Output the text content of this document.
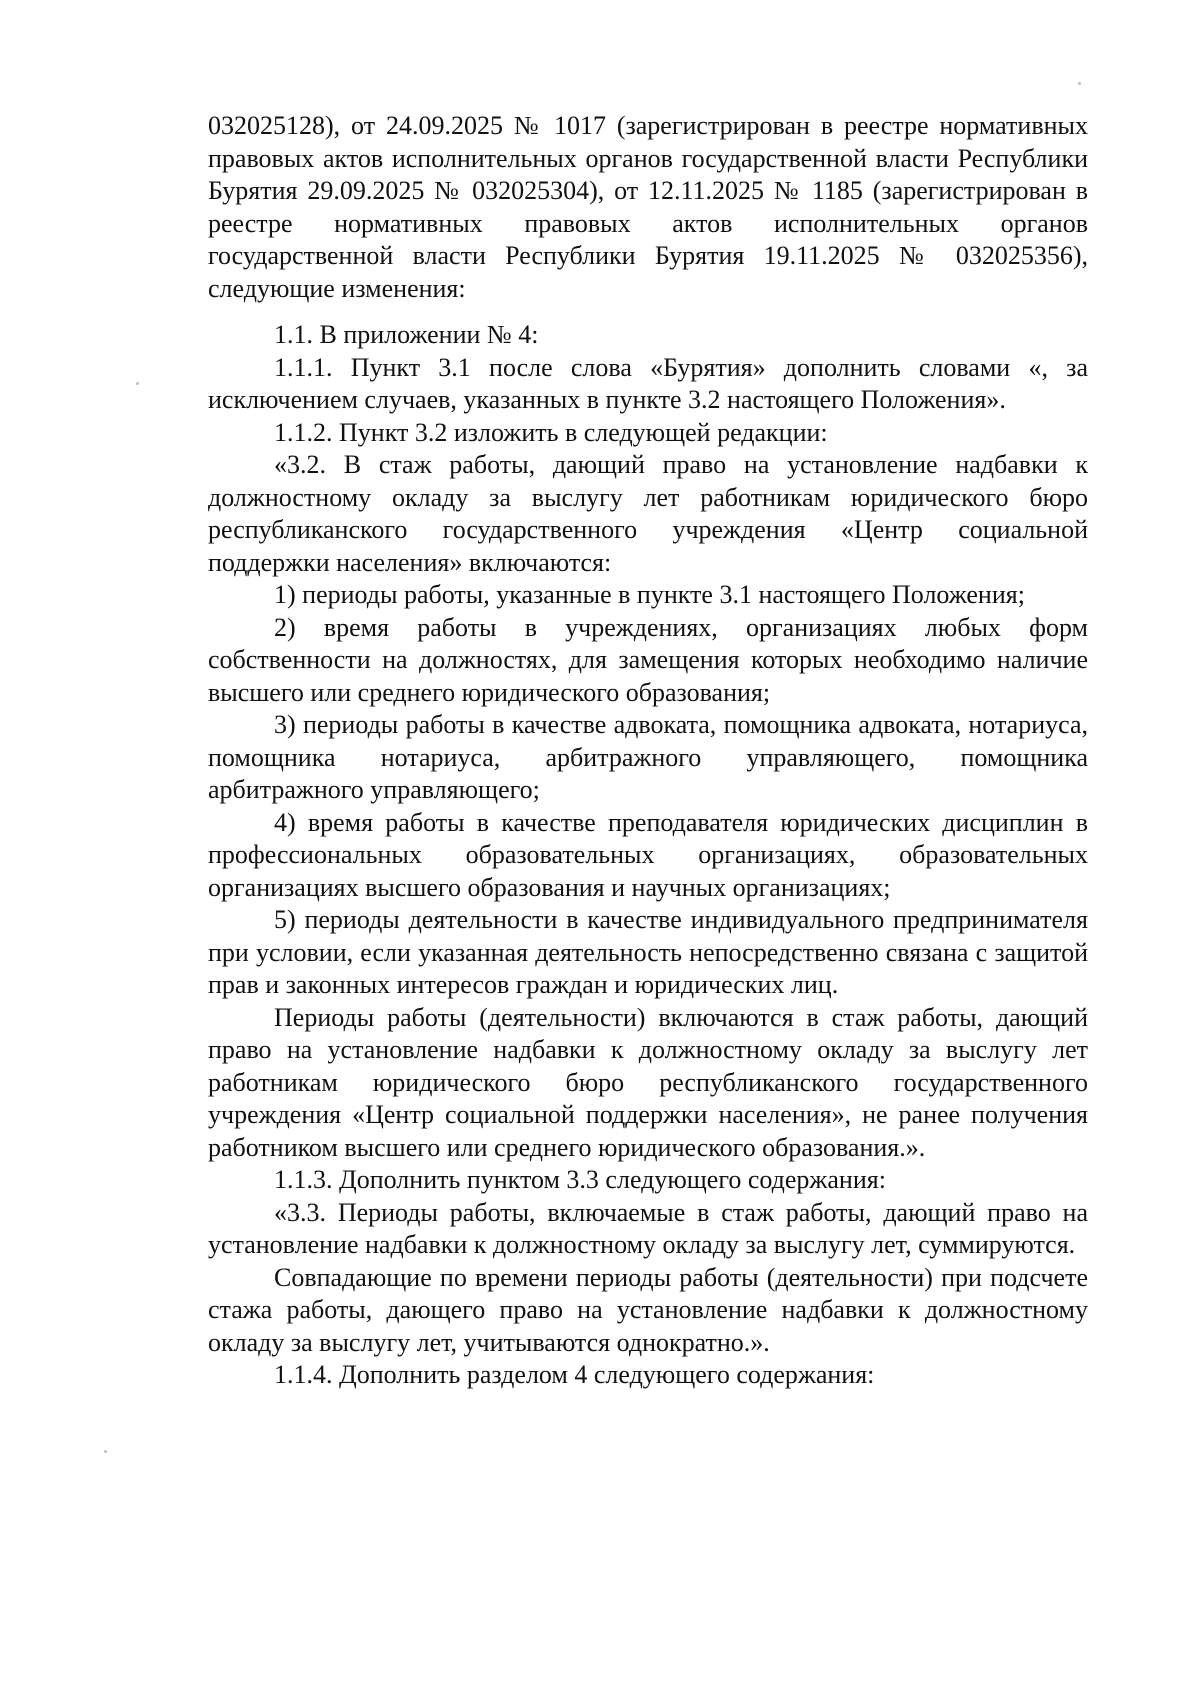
032025128), от 24.09.2025 № 1017 (зарегистрирован в реестре нормативных правовых актов исполнительных органов государственной власти Республики Бурятия 29.09.2025 № 032025304), от 12.11.2025 № 1185 (зарегистрирован в реестре нормативных правовых актов исполнительных органов государственной власти Республики Бурятия 19.11.2025 № 032025356), следующие изменения:

1.1. В приложении № 4:

1.1.1. Пункт 3.1 после слова «Бурятия» дополнить словами «, за исключением случаев, указанных в пункте 3.2 настоящего Положения».

1.1.2. Пункт 3.2 изложить в следующей редакции:

«3.2. В стаж работы, дающий право на установление надбавки к должностному окладу за выслугу лет работникам юридического бюро республиканского государственного учреждения «Центр социальной поддержки населения» включаются:

1) периоды работы, указанные в пункте 3.1 настоящего Положения;

2) время работы в учреждениях, организациях любых форм собственности на должностях, для замещения которых необходимо наличие высшего или среднего юридического образования;

3) периоды работы в качестве адвоката, помощника адвоката, нотариуса, помощника нотариуса, арбитражного управляющего, помощника арбитражного управляющего;

4) время работы в качестве преподавателя юридических дисциплин в профессиональных образовательных организациях, образовательных организациях высшего образования и научных организациях;

5) периоды деятельности в качестве индивидуального предпринимателя при условии, если указанная деятельность непосредственно связана с защитой прав и законных интересов граждан и юридических лиц.

Периоды работы (деятельности) включаются в стаж работы, дающий право на установление надбавки к должностному окладу за выслугу лет работникам юридического бюро республиканского государственного учреждения «Центр социальной поддержки населения», не ранее получения работником высшего или среднего юридического образования.».

1.1.3. Дополнить пунктом 3.3 следующего содержания:

«3.3. Периоды работы, включаемые в стаж работы, дающий право на установление надбавки к должностному окладу за выслугу лет, суммируются.

Совпадающие по времени периоды работы (деятельности) при подсчете стажа работы, дающего право на установление надбавки к должностному окладу за выслугу лет, учитываются однократно.».

1.1.4. Дополнить разделом 4 следующего содержания:
